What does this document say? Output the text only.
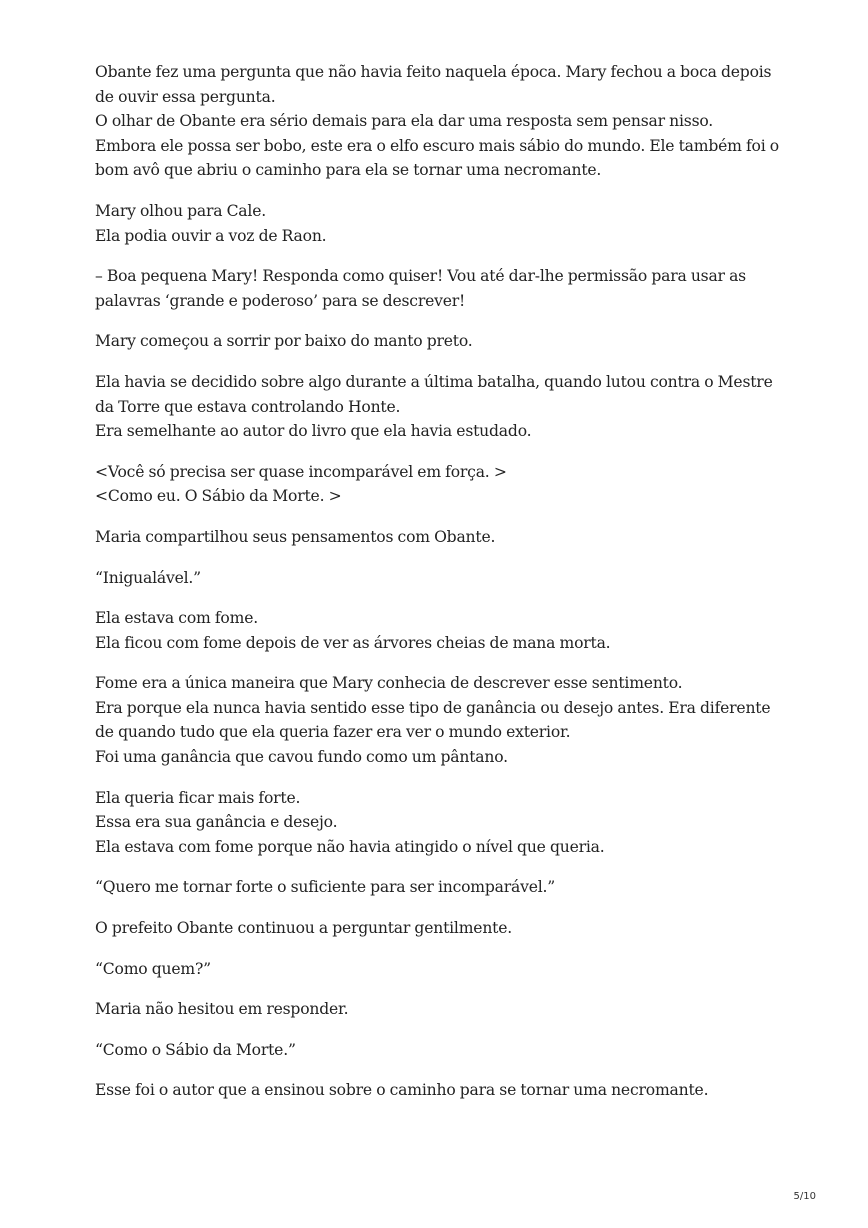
Obante fez uma pergunta que não havia feito naquela época. Mary fechou a boca depois
de ouvir essa pergunta.
O olhar de Obante era sério demais para ela dar uma resposta sem pensar nisso.
Embora ele possa ser bobo, este era o elfo escuro mais sábio do mundo. Ele também foi o
bom avô que abriu o caminho para ela se tornar uma necromante.

Mary olhou para Cale.
Ela podia ouvir a voz de Raon.

– Boa pequena Mary! Responda como quiser! Vou até dar-lhe permissão para usar as
palavras ‘grande e poderoso’ para se descrever!

Mary começou a sorrir por baixo do manto preto.

Ela havia se decidido sobre algo durante a última batalha, quando lutou contra o Mestre
da Torre que estava controlando Honte.
Era semelhante ao autor do livro que ela havia estudado.

<Você só precisa ser quase incomparável em força. >
<Como eu. O Sábio da Morte. >

Maria compartilhou seus pensamentos com Obante.

“Inigualável.”

Ela estava com fome.
Ela ficou com fome depois de ver as árvores cheias de mana morta.

Fome era a única maneira que Mary conhecia de descrever esse sentimento.
Era porque ela nunca havia sentido esse tipo de ganância ou desejo antes. Era diferente
de quando tudo que ela queria fazer era ver o mundo exterior.
Foi uma ganância que cavou fundo como um pântano.

Ela queria ficar mais forte.
Essa era sua ganância e desejo.
Ela estava com fome porque não havia atingido o nível que queria.

“Quero me tornar forte o suficiente para ser incomparável.”

O prefeito Obante continuou a perguntar gentilmente.

“Como quem?”

Maria não hesitou em responder.

“Como o Sábio da Morte.”

Esse foi o autor que a ensinou sobre o caminho para se tornar uma necromante.

5/10
